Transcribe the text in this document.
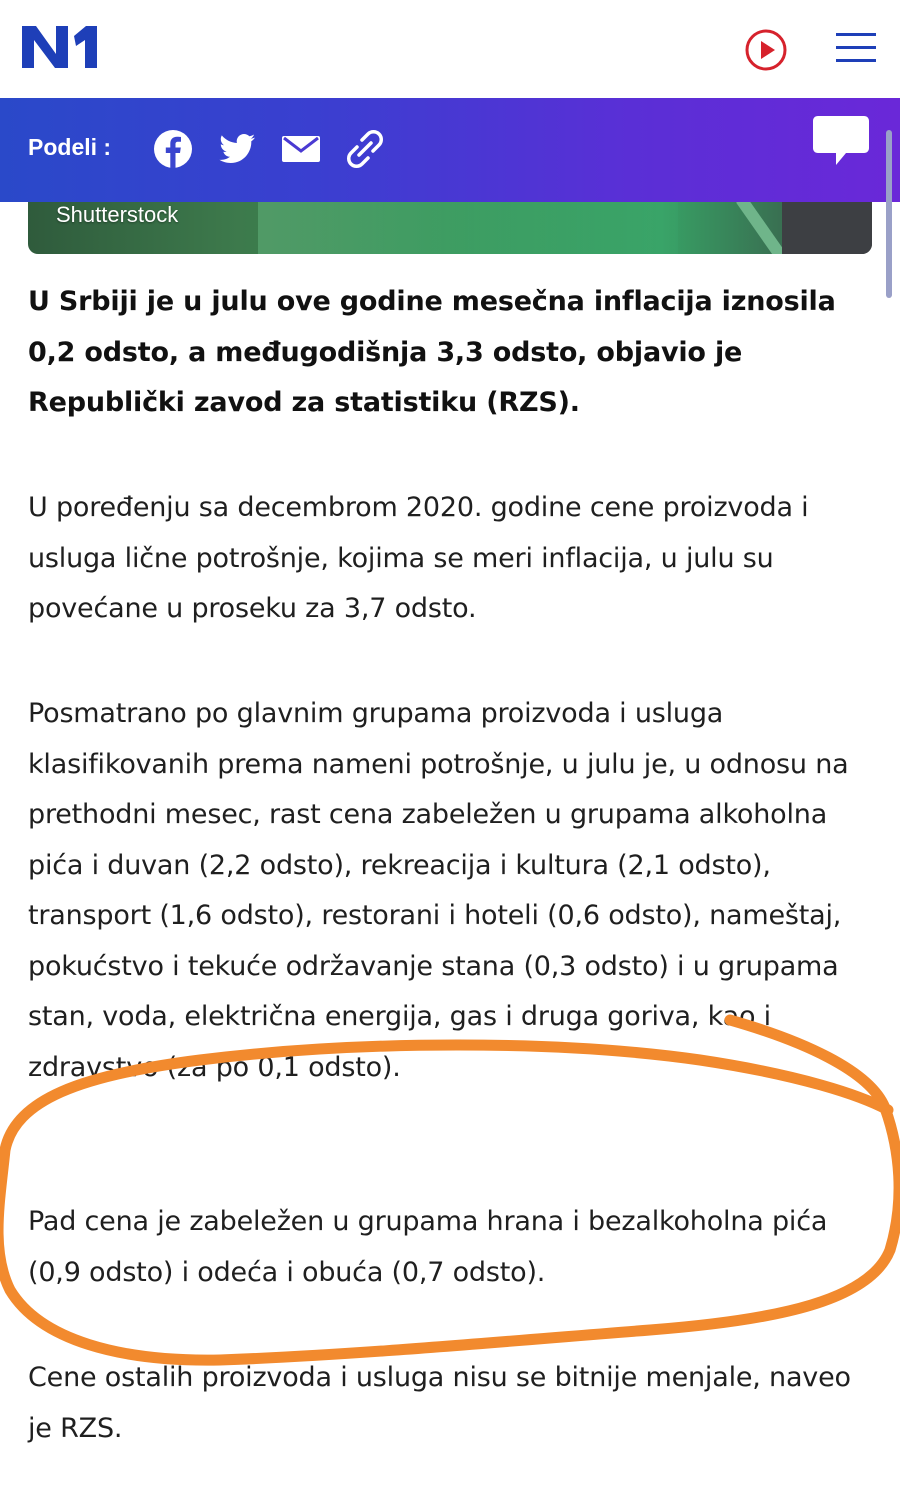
Podeli :
Shutterstock

U Srbiji je u julu ove godine mesečna inflacija iznosila 0,2 odsto, a međugodišnja 3,3 odsto, objavio je Republički zavod za statistiku (RZS).

U poređenju sa decembrom 2020. godine cene proizvoda i usluga lične potrošnje, kojima se meri inflacija, u julu su povećane u proseku za 3,7 odsto.

Posmatrano po glavnim grupama proizvoda i usluga klasifikovanih prema nameni potrošnje, u julu je, u odnosu na prethodni mesec, rast cena zabeležen u grupama alkoholna pića i duvan (2,2 odsto), rekreacija i kultura (2,1 odsto), transport (1,6 odsto), restorani i hoteli (0,6 odsto), nameštaj, pokućstvo i tekuće održavanje stana (0,3 odsto) i u grupama stan, voda, električna energija, gas i druga goriva, kao i zdravstvo (za po 0,1 odsto).

Pad cena je zabeležen u grupama hrana i bezalkoholna pića (0,9 odsto) i odeća i obuća (0,7 odsto).

Cene ostalih proizvoda i usluga nisu se bitnije menjale, naveo je RZS.
